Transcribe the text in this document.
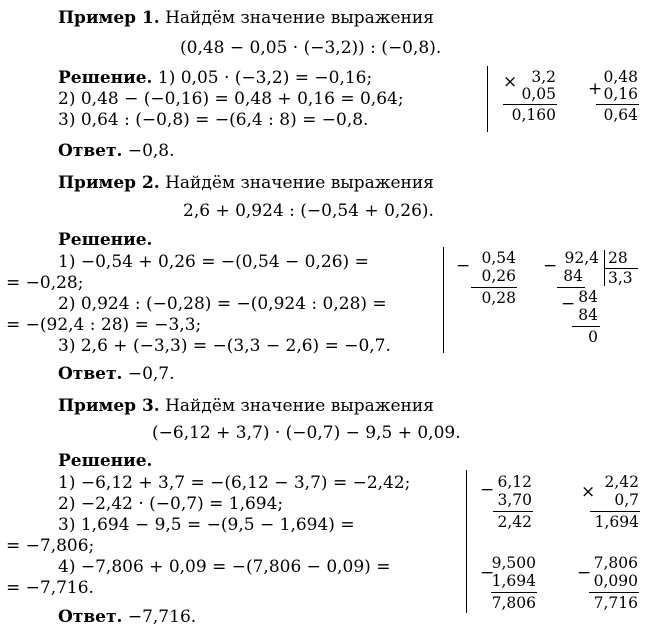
Пример 1. Найдём значение выражения
(0,48 − 0,05 · (−3,2)) : (−0,8).
Решение. 1) 0,05 · (−3,2) = −0,16;
2) 0,48 − (−0,16) = 0,48 + 0,16 = 0,64;
3) 0,64 : (−0,8) = −(6,4 : 8) = −0,8.
Ответ. −0,8.
× 3,2
0,05
0,160
+
0,48
0,16
0,64
Пример 2. Найдём значение выражения
2,6 + 0,924 : (−0,54 + 0,26).
Решение.
1) −0,54 + 0,26 = −(0,54 − 0,26) =
= −0,28;
2) 0,924 : (−0,28) = −(0,924 : 0,28) =
= −(92,4 : 28) = −3,3;
3) 2,6 + (−3,3) = −(3,3 − 2,6) = −0,7.
Ответ. −0,7.
− 0,54
0,26
0,28
− 92,4 28
3,3
84
− 84
84
0
Пример 3. Найдём значение выражения
(−6,12 + 3,7) · (−0,7) − 9,5 + 0,09.
Решение.
1) −6,12 + 3,7 = −(6,12 − 3,7) = −2,42;
2) −2,42 · (−0,7) = 1,694;
3) 1,694 − 9,5 = −(9,5 − 1,694) =
= −7,806;
4) −7,806 + 0,09 = −(7,806 − 0,09) =
= −7,716.
Ответ. −7,716.
− 6,12
3,70
2,42
× 2,42
0,7
1,694
−
9,500
1,694
7,806
− 7,806
0,090
7,716
